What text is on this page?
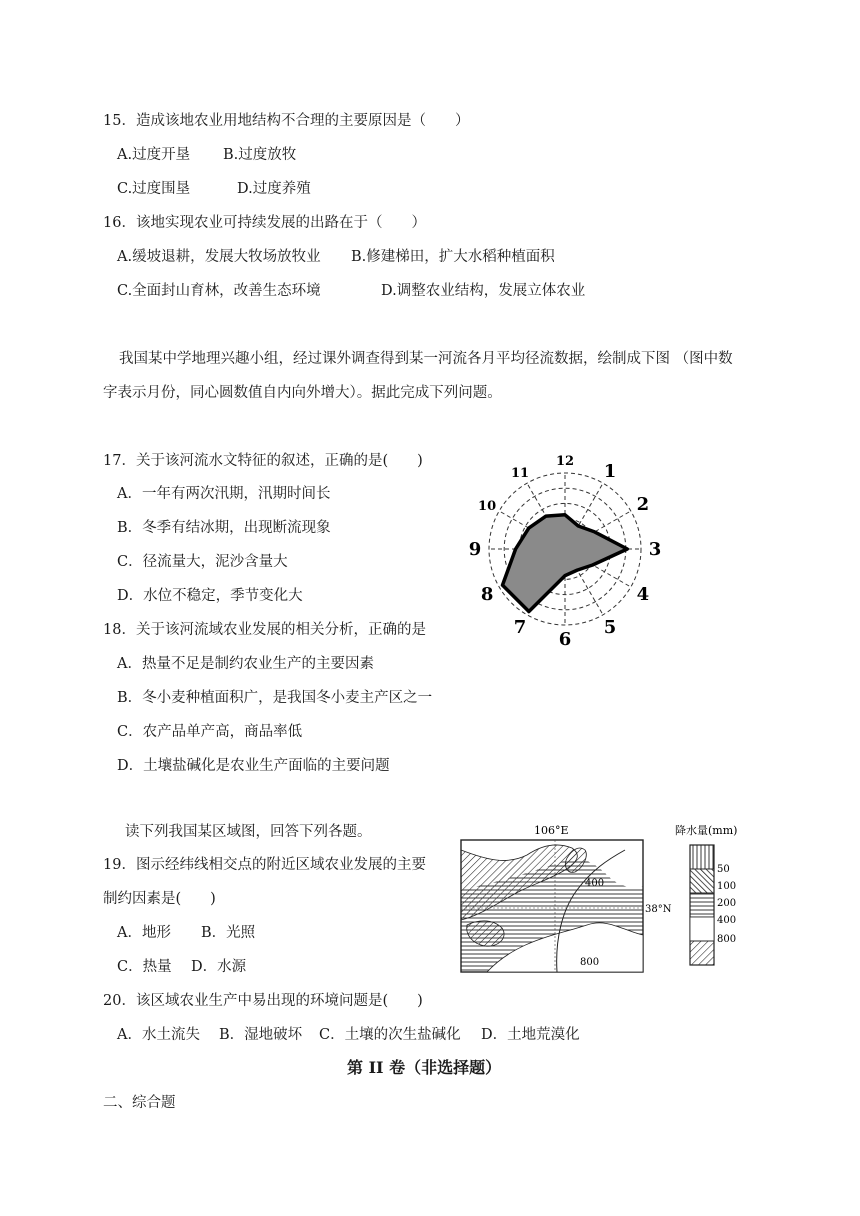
15．造成该地农业用地结构不合理的主要原因是（　　）
A.过度开垦 B.过度放牧
C.过度围垦	D.过度养殖
16．该地实现农业可持续发展的出路在于（　　）
A.缓坡退耕，发展大牧场放牧业 B.修建梯田，扩大水稻种植面积
C.全面封山育林，改善生态环境	D.调整农业结构，发展立体农业
我国某中学地理兴趣小组，经过课外调查得到某一河流各月平均径流数据，绘制成下图 （图中数
字表示月份，同心圆数值自内向外增大）。据此完成下列问题。
17．关于该河流水文特征的叙述，正确的是(　　)
A．一年有两次汛期，汛期时间长
B．冬季有结冰期，出现断流现象
C．径流量大，泥沙含量大
D．水位不稳定，季节变化大
18．关于该河流域农业发展的相关分析，正确的是
A．热量不足是制约农业生产的主要因素
B．冬小麦种植面积广，是我国冬小麦主产区之一
C．农产品单产高，商品率低
D．土壤盐碱化是农业生产面临的主要问题
1
2
3
4
5
6
7
8
9
10
11
12
读下列我国某区域图，回答下列各题。
19．图示经纬线相交点的附近区域农业发展的主要
制约因素是(　　)
A．地形 B．光照
C．热量 D．水源
20．该区域农业生产中易出现的环境问题是(　　)
A．水土流失 B．湿地破坏 C．土壤的次生盐碱化 D．土地荒漠化
106°E
38°N
400
800
降水量(mm)
50
100
200
400
800
第 II 卷（非选择题）
二、综合题
